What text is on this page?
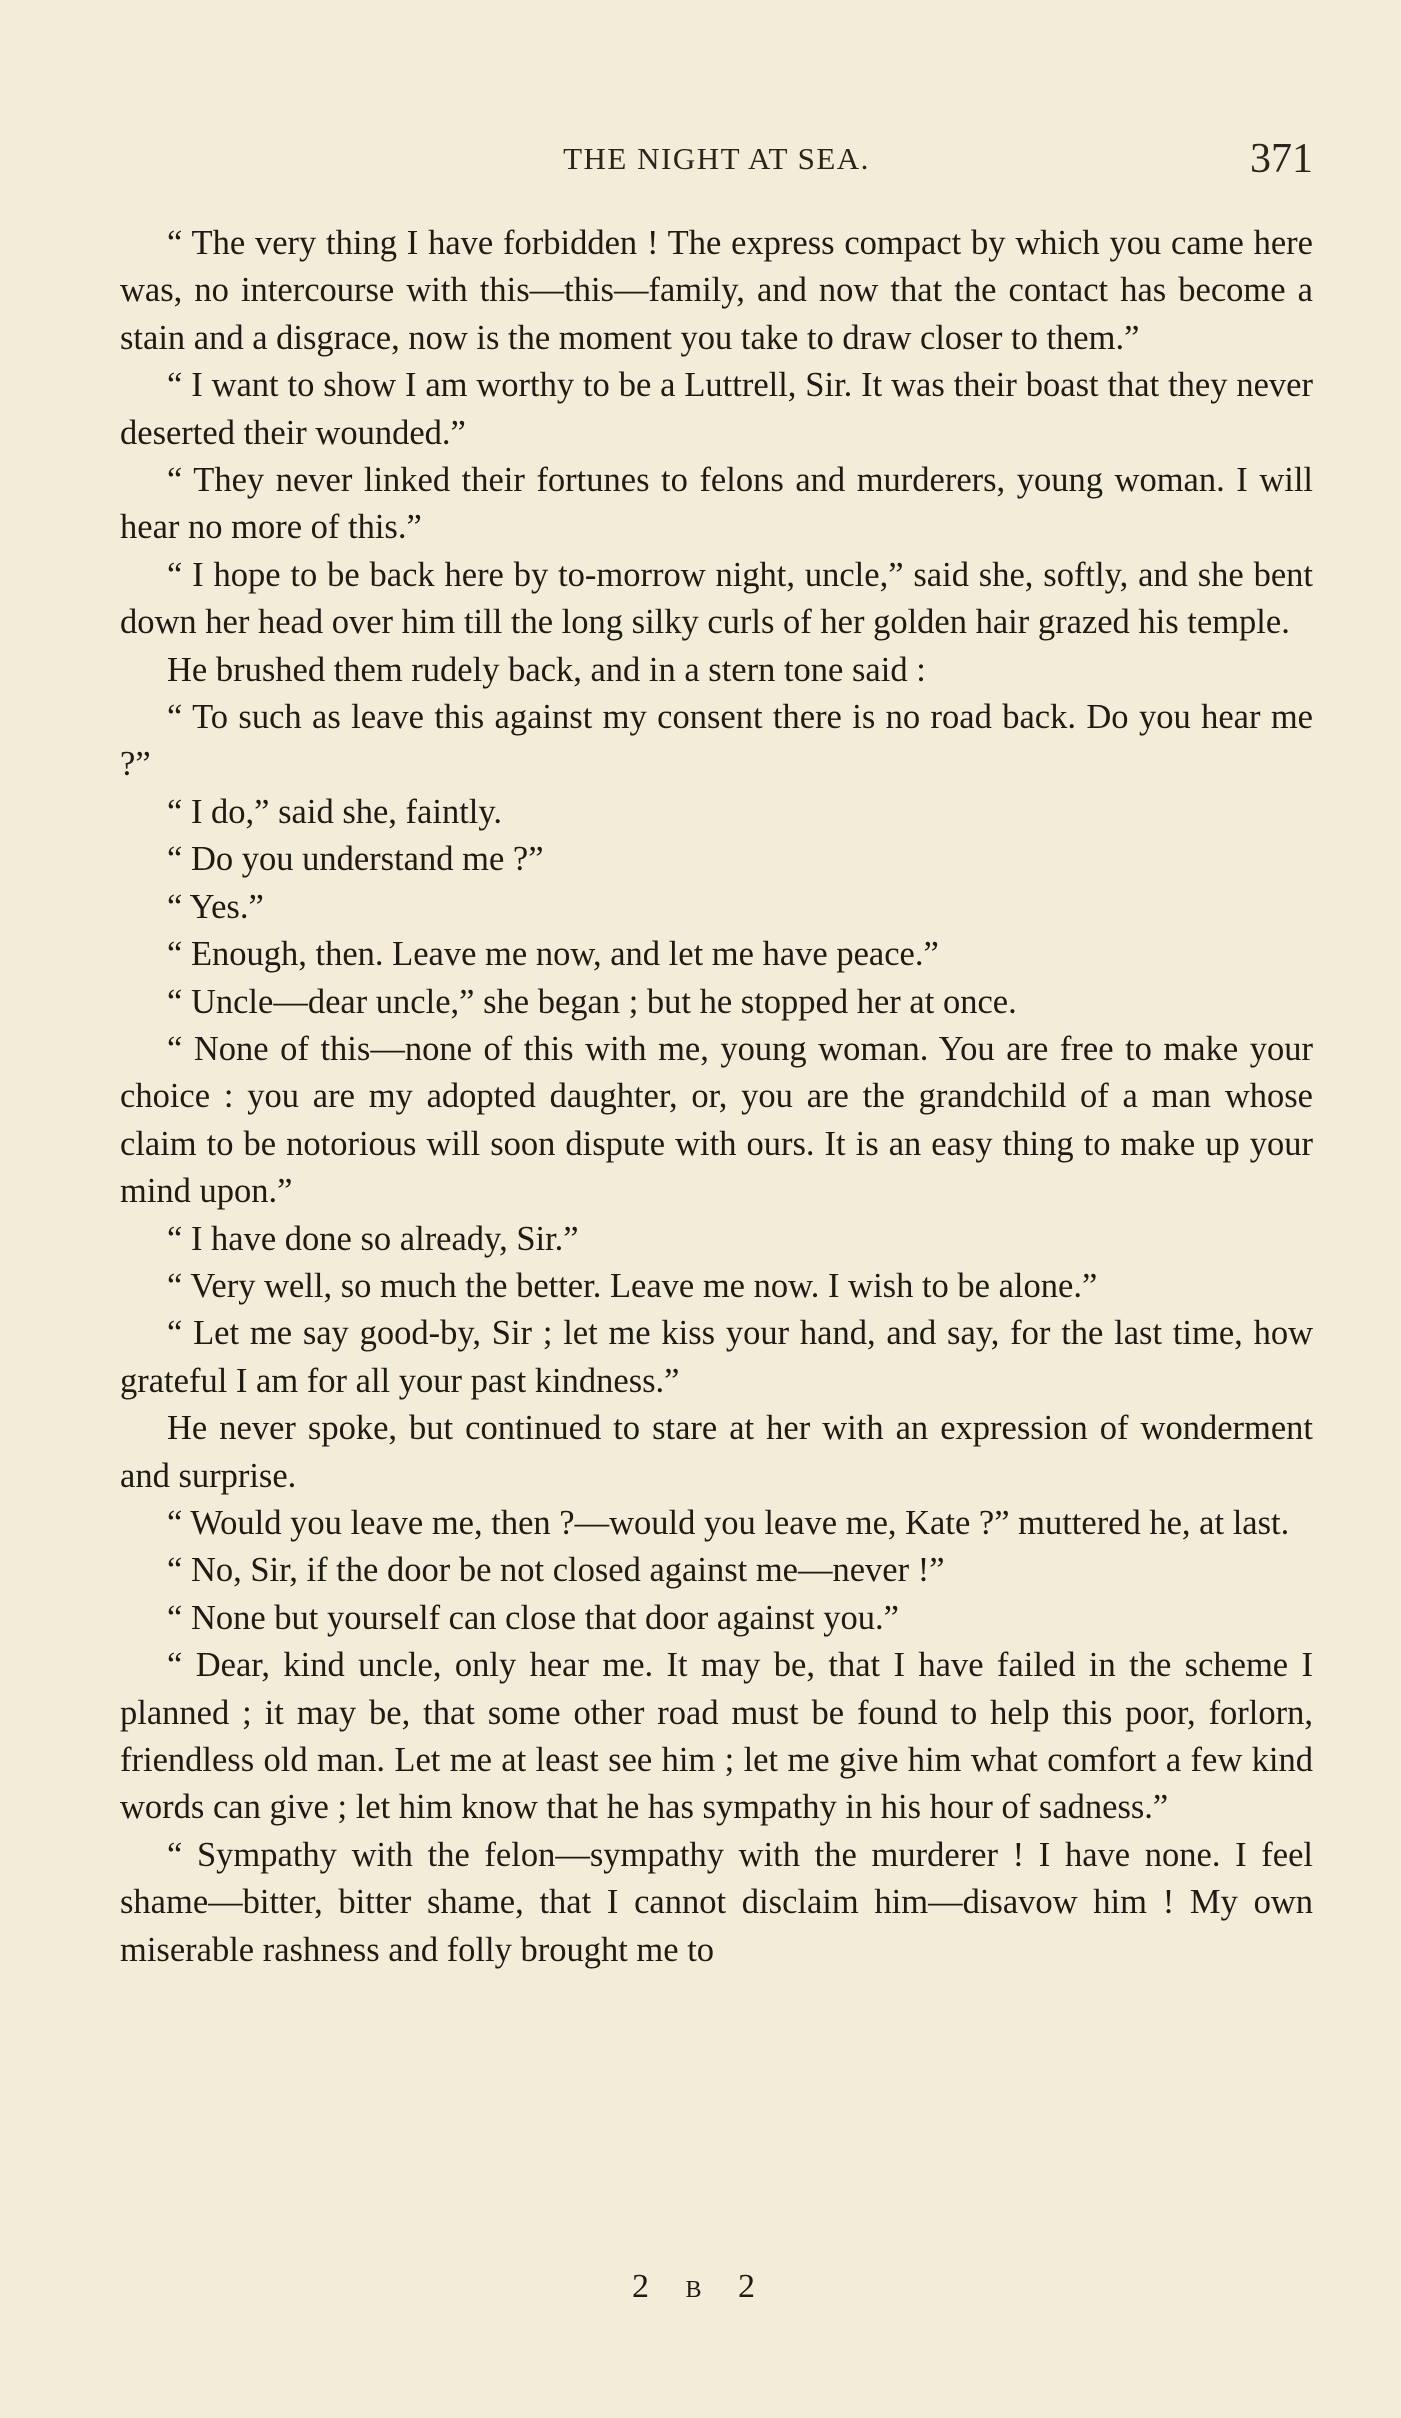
THE NIGHT AT SEA.	371

“ The very thing I have forbidden ! The express compact by which you came here was, no intercourse with this—this—family, and now that the contact has become a stain and a disgrace, now is the moment you take to draw closer to them.”

“ I want to show I am worthy to be a Luttrell, Sir. It was their boast that they never deserted their wounded.”

“ They never linked their fortunes to felons and murderers, young woman. I will hear no more of this.”

“ I hope to be back here by to-morrow night, uncle,” said she, softly, and she bent down her head over him till the long silky curls of her golden hair grazed his temple.

He brushed them rudely back, and in a stern tone said :

“ To such as leave this against my consent there is no road back. Do you hear me ?”

“ I do,” said she, faintly.

“ Do you understand me ?”

“ Yes.”

“ Enough, then. Leave me now, and let me have peace.”

“ Uncle—dear uncle,” she began ; but he stopped her at once.

“ None of this—none of this with me, young woman. You are free to make your choice : you are my adopted daughter, or, you are the grandchild of a man whose claim to be notorious will soon dispute with ours. It is an easy thing to make up your mind upon.”

“ I have done so already, Sir.”

“ Very well, so much the better. Leave me now. I wish to be alone.”

“ Let me say good-by, Sir ; let me kiss your hand, and say, for the last time, how grateful I am for all your past kindness.”

He never spoke, but continued to stare at her with an expression of wonderment and surprise.

“ Would you leave me, then ?—would you leave me, Kate ?” muttered he, at last.

“ No, Sir, if the door be not closed against me—never !”

“ None but yourself can close that door against you.”

“ Dear, kind uncle, only hear me. It may be, that I have failed in the scheme I planned ; it may be, that some other road must be found to help this poor, forlorn, friendless old man. Let me at least see him ; let me give him what comfort a few kind words can give ; let him know that he has sympathy in his hour of sadness.”

“ Sympathy with the felon—sympathy with the murderer ! I have none. I feel shame—bitter, bitter shame, that I cannot disclaim him—disavow him ! My own miserable rashness and folly brought me to

2 B 2
